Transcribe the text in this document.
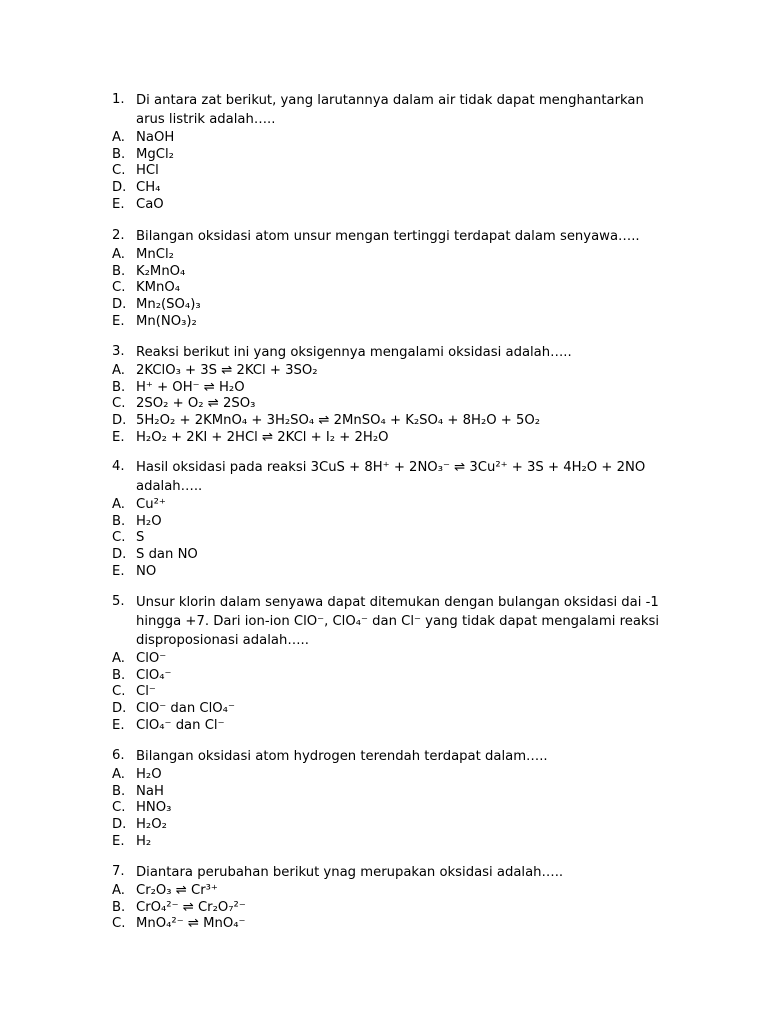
1. Di antara zat berikut, yang larutannya dalam air tidak dapat menghantarkan arus listrik adalah…..
A. NaOH
B. MgCl₂
C. HCl
D. CH₄
E. CaO
2. Bilangan oksidasi atom unsur mengan tertinggi terdapat dalam senyawa…..
A. MnCl₂
B. K₂MnO₄
C. KMnO₄
D. Mn₂(SO₄)₃
E. Mn(NO₃)₂
3. Reaksi berikut ini yang oksigennya mengalami oksidasi adalah…..
A. 2KClO₃ + 3S ⇌ 2KCl + 3SO₂
B. H⁺ + OH⁻ ⇌ H₂O
C. 2SO₂ + O₂ ⇌ 2SO₃
D. 5H₂O₂ + 2KMnO₄ + 3H₂SO₄ ⇌ 2MnSO₄ + K₂SO₄ + 8H₂O + 5O₂
E. H₂O₂ + 2KI + 2HCl ⇌ 2KCl + I₂ + 2H₂O
4. Hasil oksidasi pada reaksi 3CuS + 8H⁺ + 2NO₃⁻ ⇌ 3Cu²⁺ + 3S + 4H₂O + 2NO adalah…..
A. Cu²⁺
B. H₂O
C. S
D. S dan NO
E. NO
5. Unsur klorin dalam senyawa dapat ditemukan dengan bulangan oksidasi dai -1 hingga +7. Dari ion-ion ClO⁻, ClO₄⁻ dan Cl⁻ yang tidak dapat mengalami reaksi disproposionasi adalah…..
A. ClO⁻
B. ClO₄⁻
C. Cl⁻
D. ClO⁻ dan ClO₄⁻
E. ClO₄⁻ dan Cl⁻
6. Bilangan oksidasi atom hydrogen terendah terdapat dalam…..
A. H₂O
B. NaH
C. HNO₃
D. H₂O₂
E. H₂
7. Diantara perubahan berikut ynag merupakan oksidasi adalah…..
A. Cr₂O₃ ⇌ Cr³⁺
B. CrO₄²⁻ ⇌ Cr₂O₇²⁻
C. MnO₄²⁻ ⇌ MnO₄⁻
